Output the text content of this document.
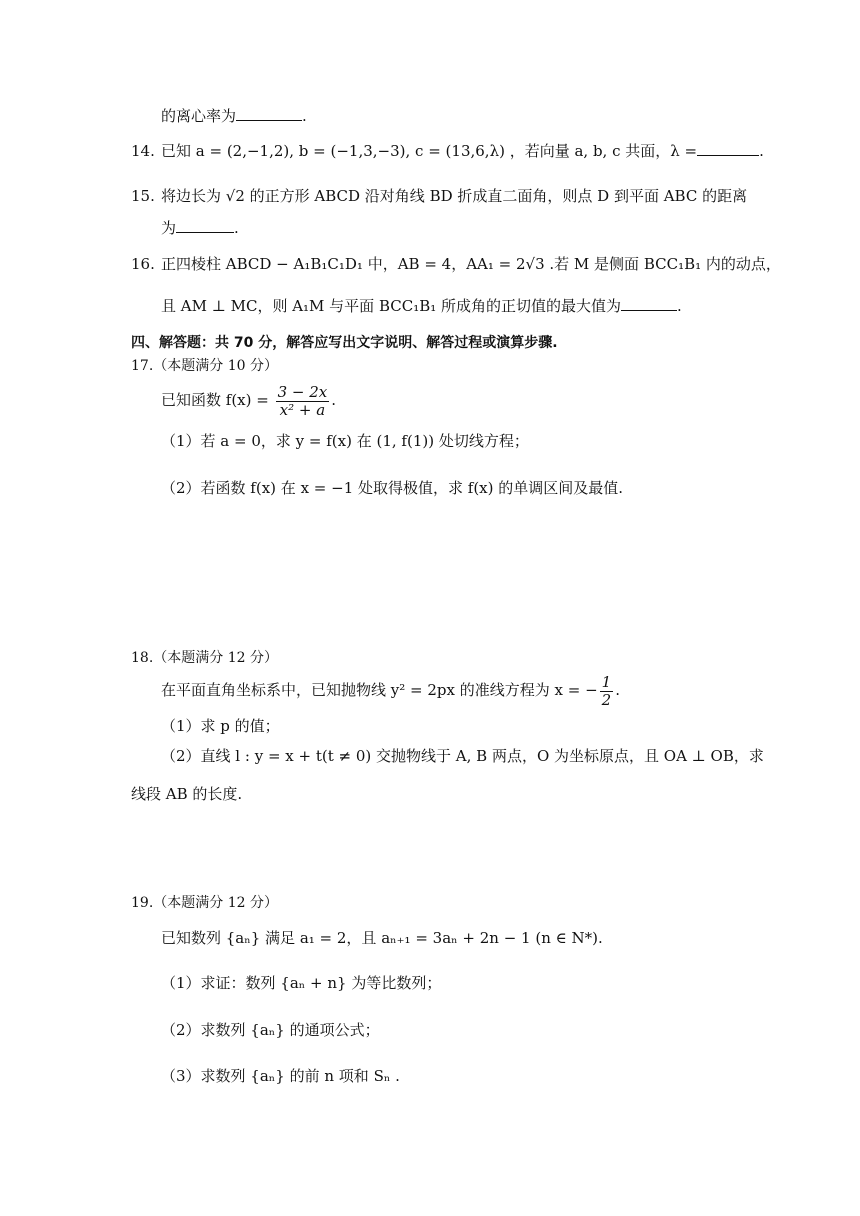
的离心率为	.
14. 已知 a = (2,−1,2), b = (−1,3,−3), c = (13,6,λ) ，若向量 a, b, c 共面，λ =	.
15. 将边长为 √2 的正方形 ABCD 沿对角线 BD 折成直二面角，则点 D 到平面 ABC 的距离
为	.
16. 正四棱柱 ABCD − A₁B₁C₁D₁ 中，AB = 4，AA₁ = 2√3 .若 M 是侧面 BCC₁B₁ 内的动点，
且 AM ⊥ MC，则 A₁M 与平面 BCC₁B₁ 所成角的正切值的最大值为	.
四、解答题：共 70 分，解答应写出文字说明、解答过程或演算步骤.
17.（本题满分 10 分）
已知函数 $f(x) = \frac{3 - 2x}{\text{x² + a}}$ .
（1）若 a = 0，求 y = f(x) 在 (1, f(1)) 处切线方程；
（2）若函数 f(x) 在 x = −1 处取得极值，求 f(x) 的单调区间及最值.
18.（本题满分 12 分）
在平面直角坐标系中，已知抛物线 y² = 2px 的准线方程为 x = − $\frac{1}{2}$ .
（1）求 p 的值；
（2）直线 l : y = x + t(t ≠ 0) 交抛物线于 A, B 两点，O 为坐标原点，且 OA ⊥ OB，求
线段 AB 的长度.
19.（本题满分 12 分）
已知数列 {aₙ} 满足 a₁ = 2，且 aₙ₊₁ = 3aₙ + 2n − 1 (n ∈ N*).
（1）求证：数列 {aₙ + n} 为等比数列；
（2）求数列 {aₙ} 的通项公式；
（3）求数列 {aₙ} 的前 n 项和 Sₙ .
